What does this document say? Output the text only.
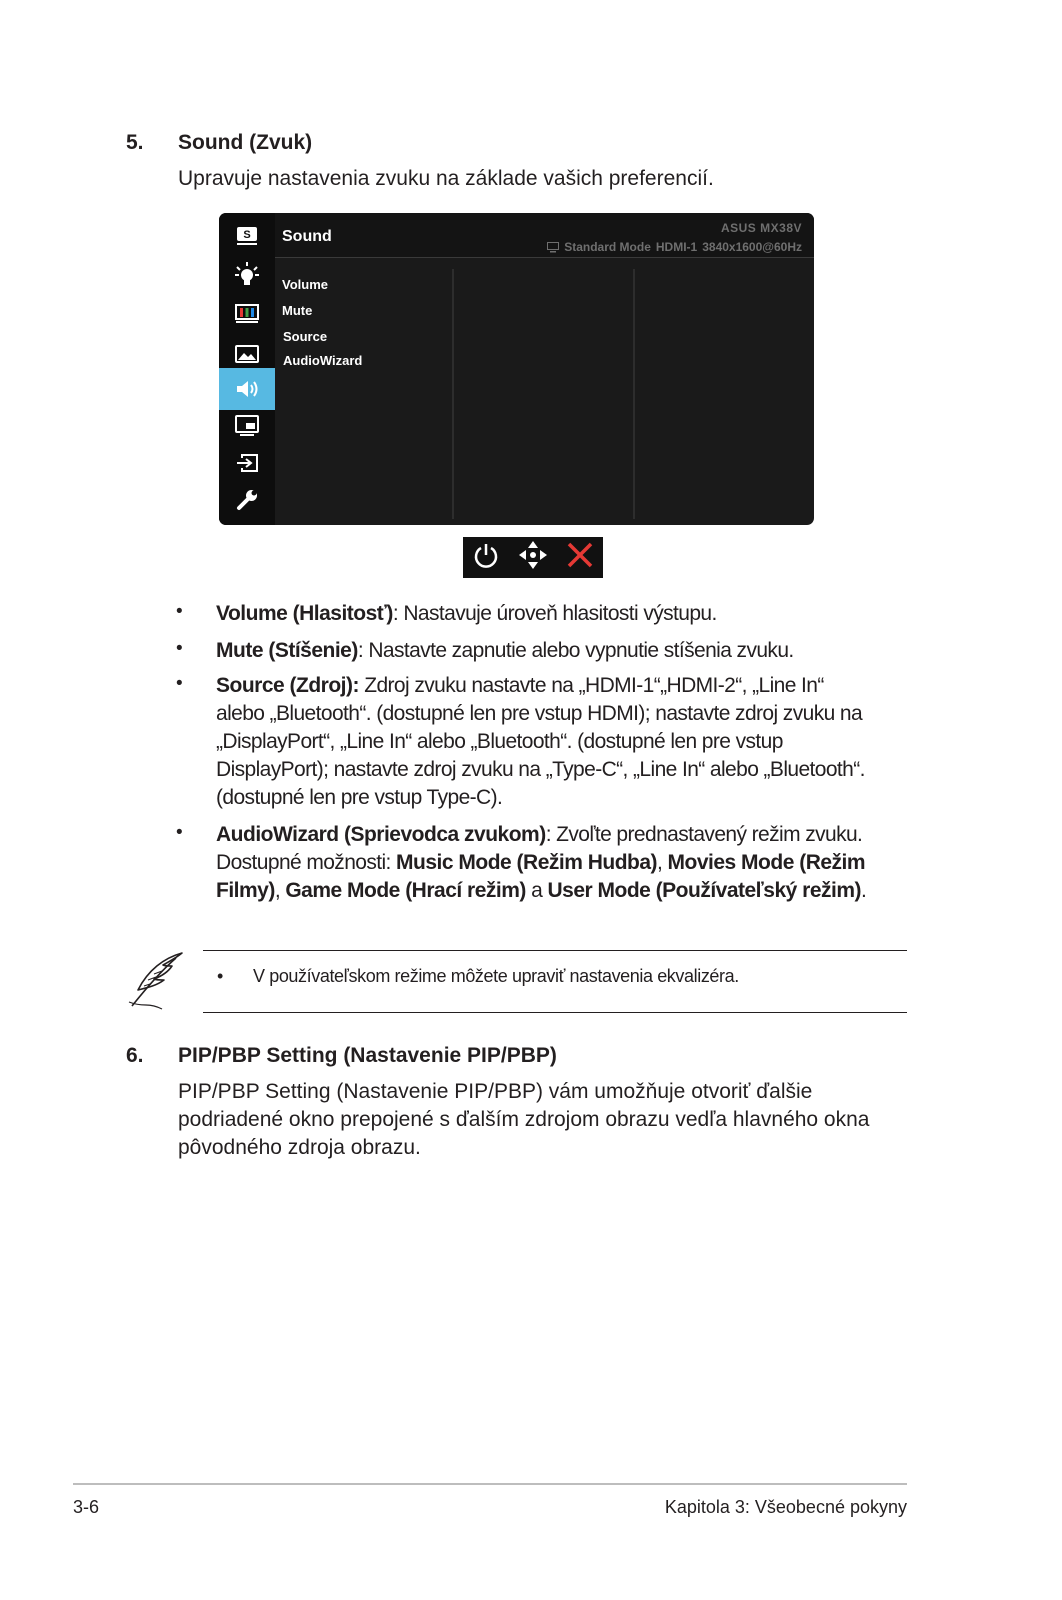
5. Sound (Zvuk)
Upravuje nastavenia zvuku na základe vašich preferencií.
S Sound	ASUS MX38V
Standard Mode HDMI-1 3840x1600@60Hz
Volume
Mute
Source
AudioWizard
• Volume (Hlasitosť): Nastavuje úroveň hlasitosti výstupu.
• Mute (Stíšenie): Nastavte zapnutie alebo vypnutie stíšenia zvuku.
• Source (Zdroj): Zdroj zvuku nastavte na „HDMI-1“„HDMI-2“, „Line In“ alebo „Bluetooth“. (dostupné len pre vstup HDMI); nastavte zdroj zvuku na „DisplayPort“, „Line In“ alebo „Bluetooth“. (dostupné len pre vstup DisplayPort); nastavte zdroj zvuku na „Type-C“, „Line In“ alebo „Bluetooth“. (dostupné len pre vstup Type-C).
• AudioWizard (Sprievodca zvukom): Zvoľte prednastavený režim zvuku. Dostupné možnosti: Music Mode (Režim Hudba), Movies Mode (Režim Filmy), Game Mode (Hrací režim) a User Mode (Používateľský režim).
• V používateľskom režime môžete upraviť nastavenia ekvalizéra.
6. PIP/PBP Setting (Nastavenie PIP/PBP)
PIP/PBP Setting (Nastavenie PIP/PBP) vám umožňuje otvoriť ďalšie podriadené okno prepojené s ďalším zdrojom obrazu vedľa hlavného okna pôvodného zdroja obrazu.
3-6	Kapitola 3: Všeobecné pokyny
